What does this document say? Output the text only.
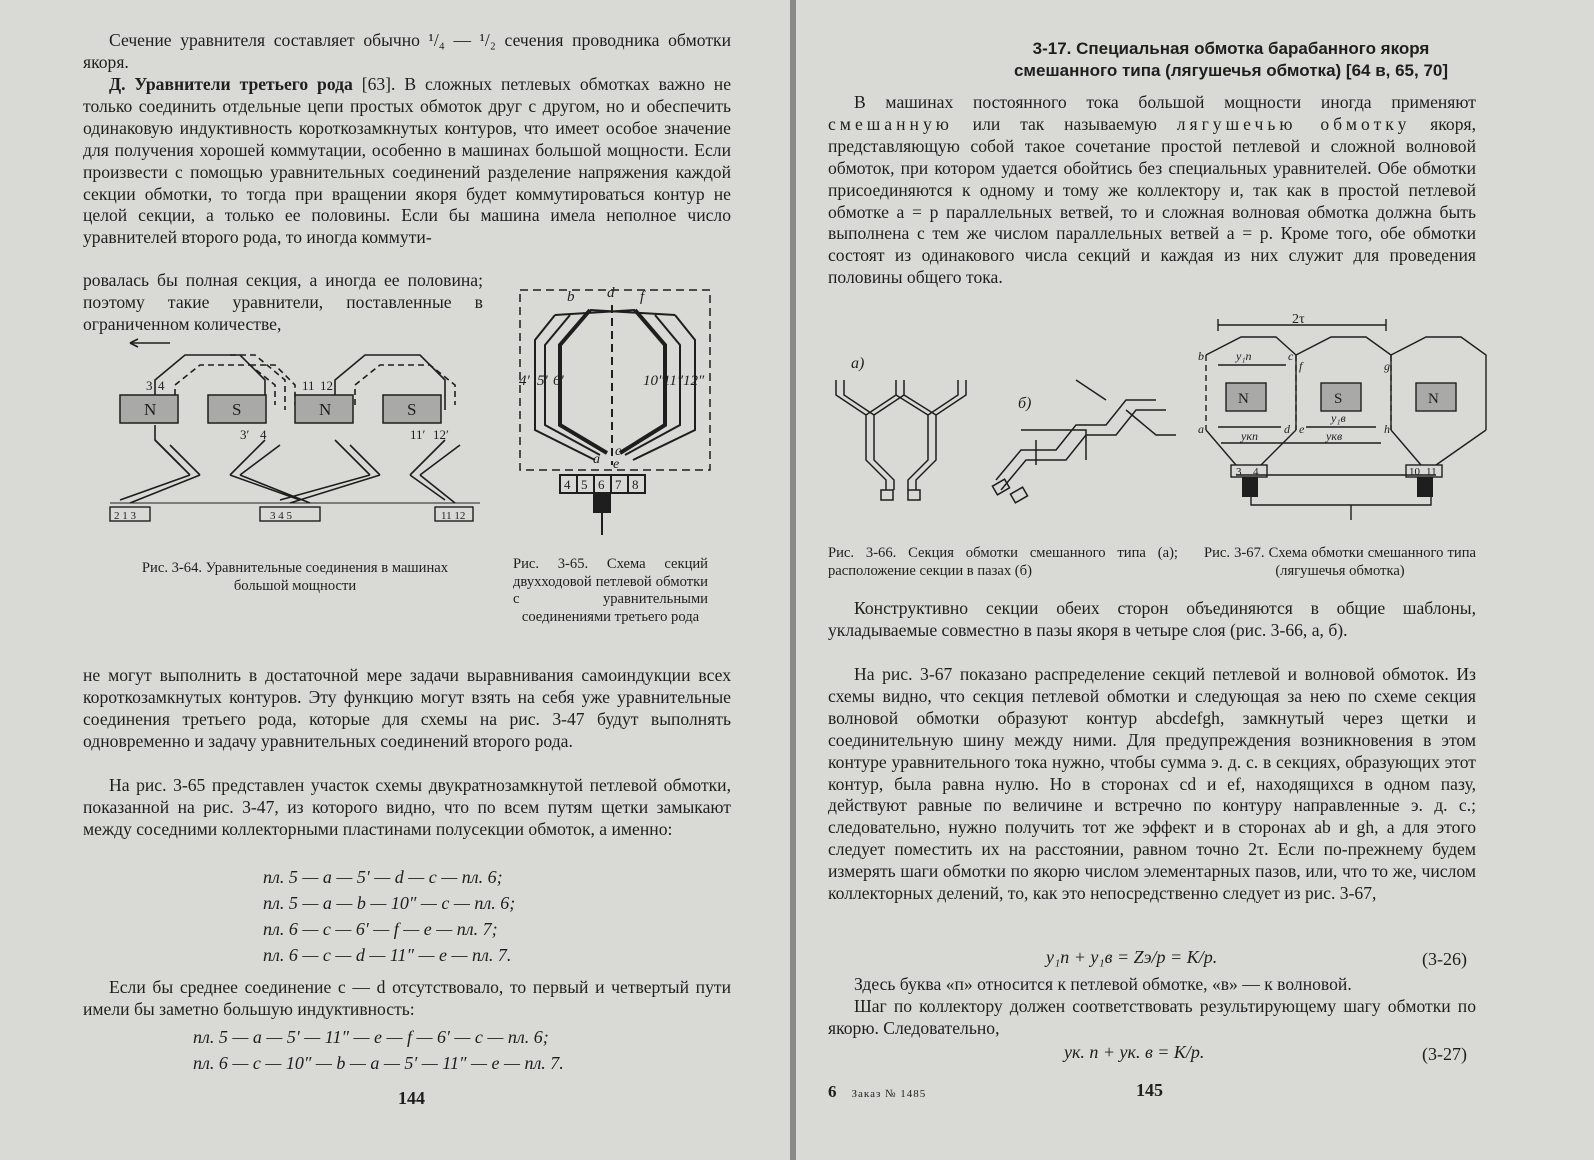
Сечение уравнителя составляет обычно ¹/₄ — ¹/₂ сечения проводника обмотки якоря.

Д. Уравнители третьего рода [63]. В сложных петлевых обмотках важно не только соединить отдельные цепи простых обмоток друг с другом, но и обеспечить одинаковую индуктивность короткозамкнутых контуров, что имеет особое значение для получения хорошей коммутации, особенно в машинах большой мощности. Если произвести с помощью уравнительных соединений разделение напряжения каждой секции обмотки, то тогда при вращении якоря будет коммутироваться контур не целой секции, а только ее половины. Если бы машина имела неполное число уравнителей второго рода, то иногда коммути-

ровалась бы полная секция, а иногда ее половина; поэтому такие уравнители, поставленные в ограниченном количестве,

N	S	N	S
3 4
3′ 4
11 12
11′ 12′
2 1 3	3 4 5	11 12
b d f
a
c
e
4′ 5′ 6′	10″
11″ 12″
4 5 6 7 8

Рис. 3-64. Уравнительные соединения в машинах большой мощности

Рис. 3-65. Схема секций двухходовой петлевой обмотки с уравнительными соединениями третьего рода

не могут выполнить в достаточной мере задачи выравнивания самоиндукции всех короткозамкнутых контуров. Эту функцию могут взять на себя уже уравнительные соединения третьего рода, которые для схемы на рис. 3-47 будут выполнять одновременно и задачу уравнительных соединений второго рода.

На рис. 3-65 представлен участок схемы двукратнозамкнутой петлевой обмотки, показанной на рис. 3-47, из которого видно, что по всем путям щетки замыкают между соседними коллекторными пластинами полусекции обмоток, а именно:

пл. 5 — a — 5′ — d — c — пл. 6;
пл. 5 — a — b — 10″ — c — пл. 6;
пл. 6 — c — 6′ — f — e — пл. 7;
пл. 6 — c — d — 11″ — e — пл. 7.

Если бы среднее соединение c — d отсутствовало, то первый и четвертый пути имели бы заметно большую индуктивность:

пл. 5 — a — 5′ — 11″ — e — f — 6′ — c — пл. 6;
пл. 6 — c — 10″ — b — a — 5′ — 11″ — e — пл. 7.
144

3-17. Специальная обмотка барабанного якоря
смешанного типа (лягушечья обмотка) [64 в, 65, 70]

В машинах постоянного тока большой мощности иногда применяют смешанную или так называемую лягушечью обмотку якоря, представляющую собой такое сочетание простой петлевой и сложной волновой обмоток, при котором удается обойтись без специальных уравнителей. Обе обмотки присоединяются к одному и тому же коллектору и, так как в простой петлевой обмотке a = p параллельных ветвей, то и сложная волновая обмотка должна быть выполнена с тем же числом параллельных ветвей a = p. Кроме того, обе обмотки состоят из одинакового числа секций и каждая из них служит для проведения половины общего тока.

а)
б)
2τ
y₁п
y₁в
yкп	yкв
N	S	N
a
b	c
d e
f	g
h
3 4	10 11

Рис. 3-66. Секция обмотки смешанного типа (а); расположение секции в пазах (б)

Рис. 3-67. Схема обмотки смешанного типа (лягушечья обмотка)

Конструктивно секции обеих сторон объединяются в общие шаблоны, укладываемые совместно в пазы якоря в четыре слоя (рис. 3-66, а, б).

На рис. 3-67 показано распределение секций петлевой и волновой обмоток. Из схемы видно, что секция петлевой обмотки и следующая за нею по схеме секция волновой обмотки образуют контур abcdefgh, замкнутый через щетки и соединительную шину между ними. Для предупреждения возникновения в этом контуре уравнительного тока нужно, чтобы сумма э. д. с. в секциях, образующих этот контур, была равна нулю. Но в сторонах cd и ef, находящихся в одном пазу, действуют равные по величине и встречно по контуру направленные э. д. с.; следовательно, нужно получить тот же эффект и в сторонах ab и gh, а для этого следует поместить их на расстоянии, равном точно 2τ. Если по-прежнему будем измерять шаги обмотки по якорю числом элементарных пазов, или, что то же, числом коллекторных делений, то, как это непосредственно следует из рис. 3-67,

y₁п + y₁в = Zэ/p = K/p.	(3-26)

Здесь буква «п» относится к петлевой обмотке, «в» — к волновой.

Шаг по коллектору должен соответствовать результирующему шагу обмотки по якорю. Следовательно,

yк. п + yк. в = K/p.	(3-27)
6 Заказ № 1485	145
